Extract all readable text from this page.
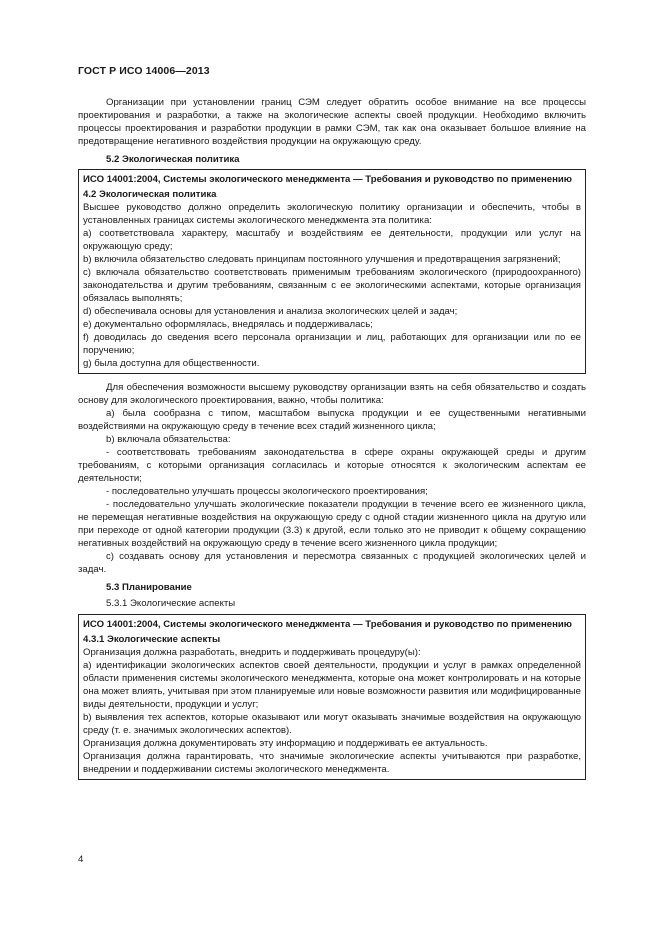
ГОСТ Р ИСО 14006—2013

Организации при установлении границ СЭМ следует обратить особое внимание на все процессы проектирования и разработки, а также на экологические аспекты своей продукции. Необходимо включить процессы проектирования и разработки продукции в рамки СЭМ, так как она оказывает большое влияние на предотвращение негативного воздействия продукции на окружающую среду.

5.2 Экологическая политика

ИСО 14001:2004, Системы экологического менеджмента — Требования и руководство по применению

4.2 Экологическая политика

Высшее руководство должно определить экологическую политику организации и обеспечить, чтобы в установленных границах системы экологического менеджмента эта политика:

а) соответствовала характеру, масштабу и воздействиям ее деятельности, продукции или услуг на окружающую среду;

b) включила обязательство следовать принципам постоянного улучшения и предотвращения загрязнений;

c) включала обязательство соответствовать применимым требованиям экологического (природоохранного) законодательства и другим требованиям, связанным с ее экологическими аспектами, которые организация обязалась выполнять;

d) обеспечивала основы для установления и анализа экологических целей и задач;

e) документально оформлялась, внедрялась и поддерживалась;

f) доводилась до сведения всего персонала организации и лиц, работающих для организации или по ее поручению;

g) была доступна для общественности.

Для обеспечения возможности высшему руководству организации взять на себя обязательство и создать основу для экологического проектирования, важно, чтобы политика:

а) была сообразна с типом, масштабом выпуска продукции и ее существенными негативными воздействиями на окружающую среду в течение всех стадий жизненного цикла;

b) включала обязательства:

- соответствовать требованиям законодательства в сфере охраны окружающей среды и другим требованиям, с которыми организация согласилась и которые относятся к экологическим аспектам ее деятельности;

- последовательно улучшать процессы экологического проектирования;

- последовательно улучшать экологические показатели продукции в течение всего ее жизненного цикла, не перемещая негативные воздействия на окружающую среду с одной стадии жизненного цикла на другую или при переходе от одной категории продукции (3.3) к другой, если только это не приводит к общему сокращению негативных воздействий на окружающую среду в течение всего жизненного цикла продукции;

с) создавать основу для установления и пересмотра связанных с продукцией экологических целей и задач.

5.3 Планирование

5.3.1 Экологические аспекты

ИСО 14001:2004, Системы экологического менеджмента — Требования и руководство по применению

4.3.1 Экологические аспекты

Организация должна разработать, внедрить и поддерживать процедуру(ы):

а) идентификации экологических аспектов своей деятельности, продукции и услуг в рамках определенной области применения системы экологического менеджмента, которые она может контролировать и на которые она может влиять, учитывая при этом планируемые или новые возможности развития или модифицированные виды деятельности, продукции и услуг;

b) выявления тех аспектов, которые оказывают или могут оказывать значимые воздействия на окружающую среду (т. е. значимых экологических аспектов).

Организация должна документировать эту информацию и поддерживать ее актуальность.

Организация должна гарантировать, что значимые экологические аспекты учитываются при разработке, внедрении и поддерживании системы экологического менеджмента.

4
